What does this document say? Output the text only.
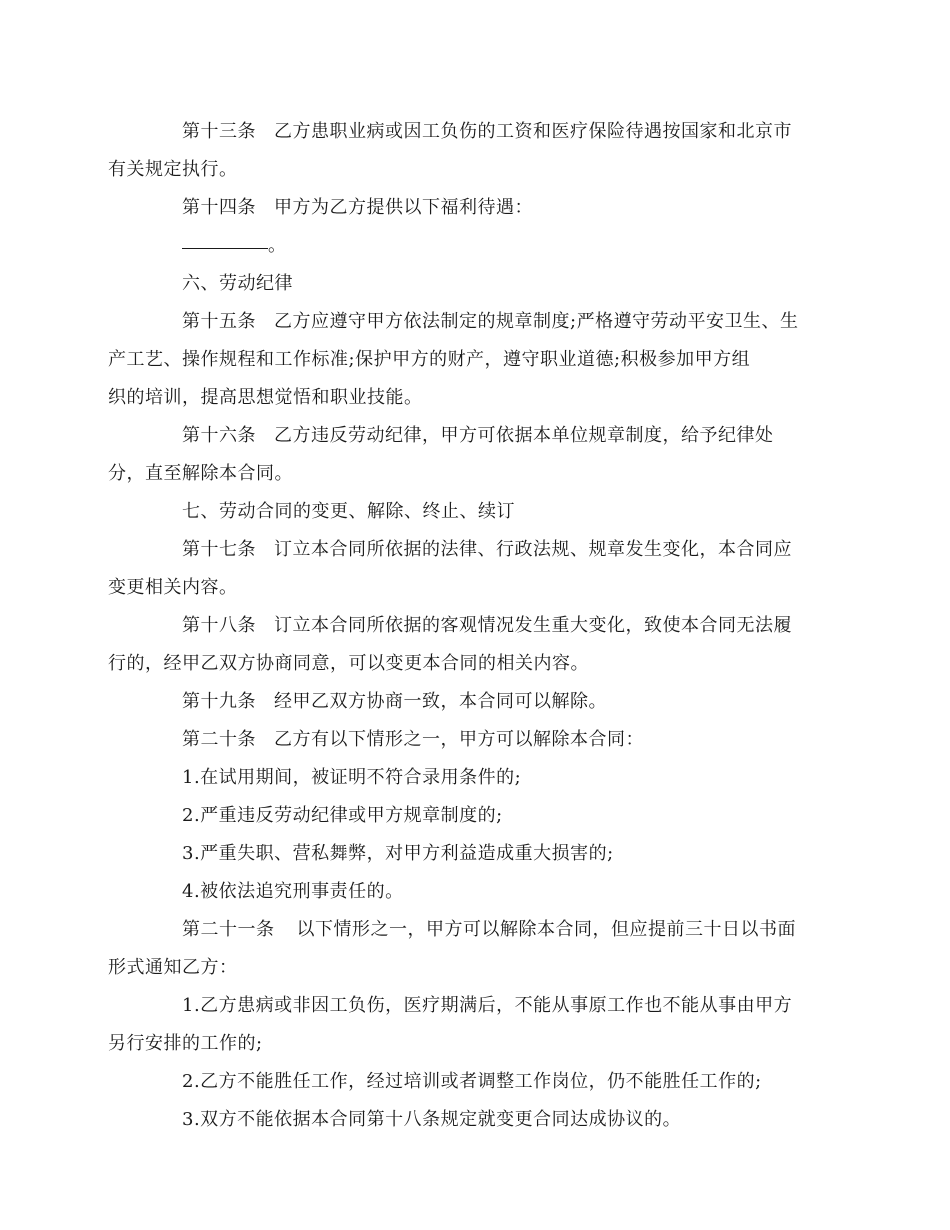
第十三条 乙方患职业病或因工负伤的工资和医疗保险待遇按国家和北京市
有关规定执行。
第十四条 甲方为乙方提供以下福利待遇：
。
六、劳动纪律
第十五条 乙方应遵守甲方依法制定的规章制度;严格遵守劳动平安卫生、生
产工艺、操作规程和工作标准;保护甲方的财产，遵守职业道德;积极参加甲方组
织的培训，提高思想觉悟和职业技能。
第十六条 乙方违反劳动纪律，甲方可依据本单位规章制度，给予纪律处
分，直至解除本合同。
七、劳动合同的变更、解除、终止、续订
第十七条 订立本合同所依据的法律、行政法规、规章发生变化，本合同应
变更相关内容。
第十八条 订立本合同所依据的客观情况发生重大变化，致使本合同无法履
行的，经甲乙双方协商同意，可以变更本合同的相关内容。
第十九条 经甲乙双方协商一致，本合同可以解除。
第二十条 乙方有以下情形之一，甲方可以解除本合同：
1.在试用期间，被证明不符合录用条件的;
2.严重违反劳动纪律或甲方规章制度的;
3.严重失职、营私舞弊，对甲方利益造成重大损害的;
4.被依法追究刑事责任的。
第二十一条 以下情形之一，甲方可以解除本合同，但应提前三十日以书面
形式通知乙方：
1.乙方患病或非因工负伤，医疗期满后，不能从事原工作也不能从事由甲方
另行安排的工作的;
2.乙方不能胜任工作，经过培训或者调整工作岗位，仍不能胜任工作的;
3.双方不能依据本合同第十八条规定就变更合同达成协议的。
